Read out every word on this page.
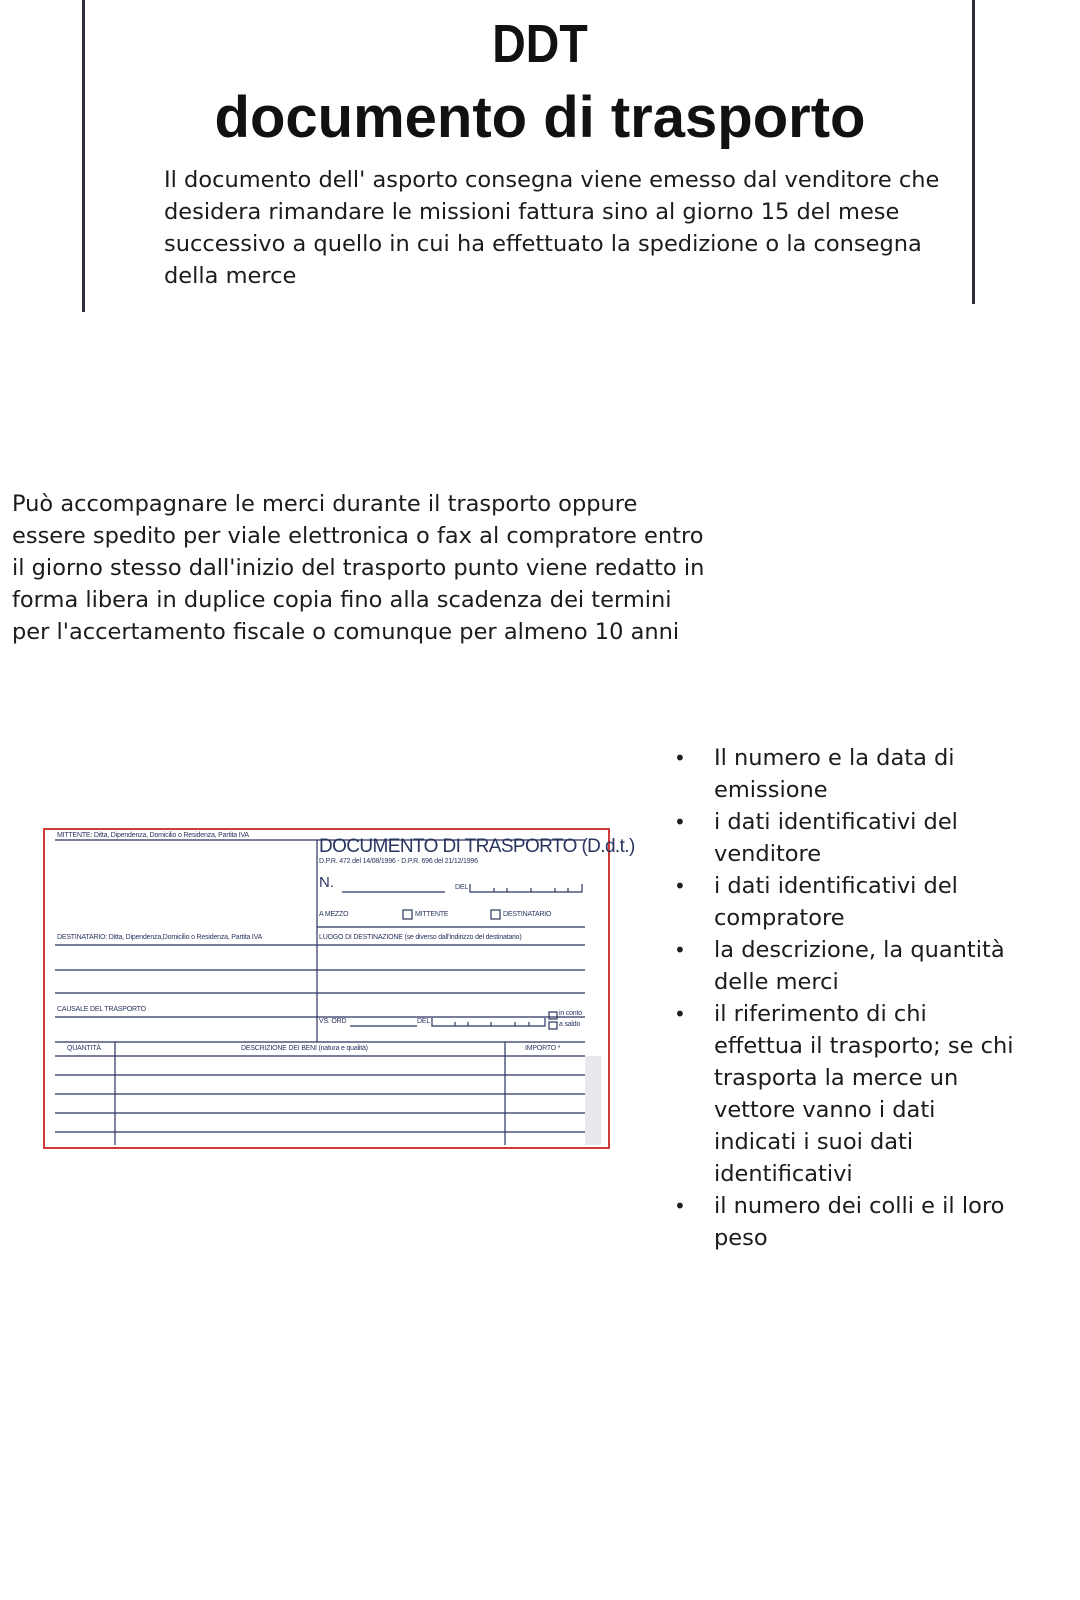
DDT
documento di trasporto
Il documento dell' asporto consegna viene emesso dal venditore che desidera rimandare le missioni fattura sino al giorno 15 del mese successivo a quello in cui ha effettuato la spedizione o la consegna della merce
Può accompagnare le merci durante il trasporto oppure essere spedito per viale elettronica o fax al compratore entro il giorno stesso dall'inizio del trasporto punto viene redatto in forma libera in duplice copia fino alla scadenza dei termini per l'accertamento fiscale o comunque per almeno 10 anni
• Il numero e la data di emissione
• i dati identificativi del venditore
• i dati identificativi del compratore
• la descrizione, la quantità delle merci
• il riferimento di chi effettua il trasporto; se chi trasporta la merce un vettore vanno i dati indicati i suoi dati identificativi
• il numero dei colli e il loro peso
MITTENTE: Ditta, Dipendenza, Domicilio o Residenza, Partita IVA
DOCUMENTO DI TRASPORTO (D.d.t.)
D.P.R. 472 del 14/08/1996 - D.P.R. 696 del 21/12/1996
N.	DEL
A MEZZO	MITTENTE	DESTINATARIO
DESTINATARIO: Ditta, Dipendenza,Domicilio o Residenza, Partita IVA	LUOGO DI DESTINAZIONE (se diverso dall'indirizzo del destinatario)
CAUSALE DEL TRASPORTO
VS. ORD	DEL
in conto
a saldo
QUANTITÀ	DESCRIZIONE DEI BENI (natura e qualità)	IMPORTO *
